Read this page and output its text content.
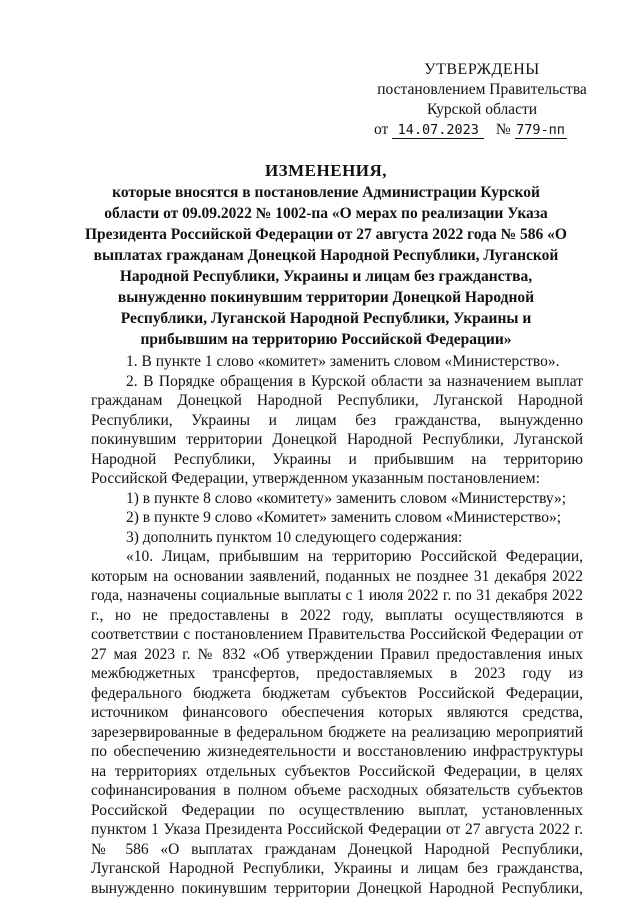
УТВЕРЖДЕНЫ
постановлением Правительства
Курской области
от 14.07.2023 № 779-пп
ИЗМЕНЕНИЯ,
которые вносятся в постановление Администрации Курской области от 09.09.2022 № 1002-па «О мерах по реализации Указа Президента Российской Федерации от 27 августа 2022 года № 586 «О выплатах гражданам Донецкой Народной Республики, Луганской Народной Республики, Украины и лицам без гражданства, вынужденно покинувшим территории Донецкой Народной Республики, Луганской Народной Республики, Украины и прибывшим на территорию Российской Федерации»

1. В пункте 1 слово «комитет» заменить словом «Министерство».

2. В Порядке обращения в Курской области за назначением выплат гражданам Донецкой Народной Республики, Луганской Народной Республики, Украины и лицам без гражданства, вынужденно покинувшим территории Донецкой Народной Республики, Луганской Народной Республики, Украины и прибывшим на территорию Российской Федерации, утвержденном указанным постановлением:

1) в пункте 8 слово «комитету» заменить словом «Министерству»;

2) в пункте 9 слово «Комитет» заменить словом «Министерство»;

3) дополнить пунктом 10 следующего содержания:

«10. Лицам, прибывшим на территорию Российской Федерации, которым на основании заявлений, поданных не позднее 31 декабря 2022 года, назначены социальные выплаты с 1 июля 2022 г. по 31 декабря 2022 г., но не предоставлены в 2022 году, выплаты осуществляются в соответствии с постановлением Правительства Российской Федерации от 27 мая 2023 г. № 832 «Об утверждении Правил предоставления иных межбюджетных трансфертов, предоставляемых в 2023 году из федерального бюджета бюджетам субъектов Российской Федерации, источником финансового обеспечения которых являются средства, зарезервированные в федеральном бюджете на реализацию мероприятий по обеспечению жизнедеятельности и восстановлению инфраструктуры на территориях отдельных субъектов Российской Федерации, в целях софинансирования в полном объеме расходных обязательств субъектов Российской Федерации по осуществлению выплат, установленных пунктом 1 Указа Президента Российской Федерации от 27 августа 2022 г. № 586 «О выплатах гражданам Донецкой Народной Республики, Луганской Народной Республики, Украины и лицам без гражданства, вынужденно покинувшим территории Донецкой Народной Республики,
